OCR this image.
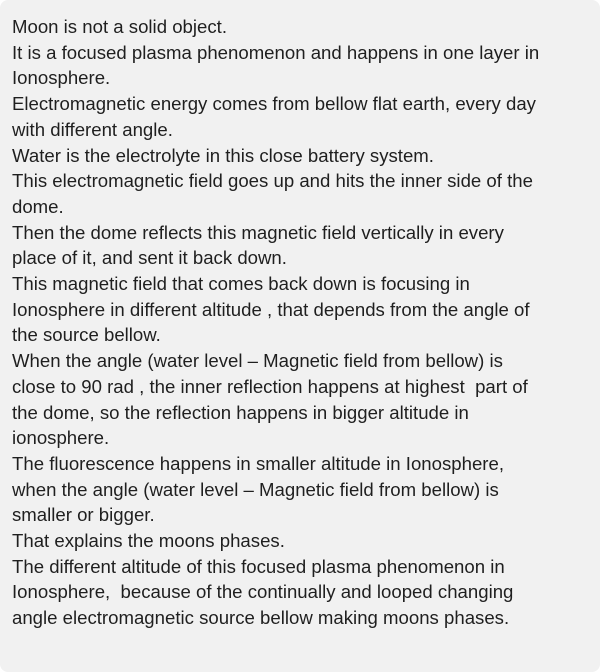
Moon is not a solid object.
It is a focused plasma phenomenon and happens in one layer in
Ionosphere.
Electromagnetic energy comes from bellow flat earth, every day
with different angle.
Water is the electrolyte in this close battery system.
This electromagnetic field goes up and hits the inner side of the
dome.
Then the dome reflects this magnetic field vertically in every
place of it, and sent it back down.
This magnetic field that comes back down is focusing in
Ionosphere in different altitude , that depends from the angle of
the source bellow.
When the angle (water level – Magnetic field from bellow) is
close to 90 rad , the inner reflection happens at highest  part of
the dome, so the reflection happens in bigger altitude in
ionosphere.
The fluorescence happens in smaller altitude in Ionosphere,
when the angle (water level – Magnetic field from bellow) is
smaller or bigger.
That explains the moons phases.
The different altitude of this focused plasma phenomenon in
Ionosphere,  because of the continually and looped changing
angle electromagnetic source bellow making moons phases.
